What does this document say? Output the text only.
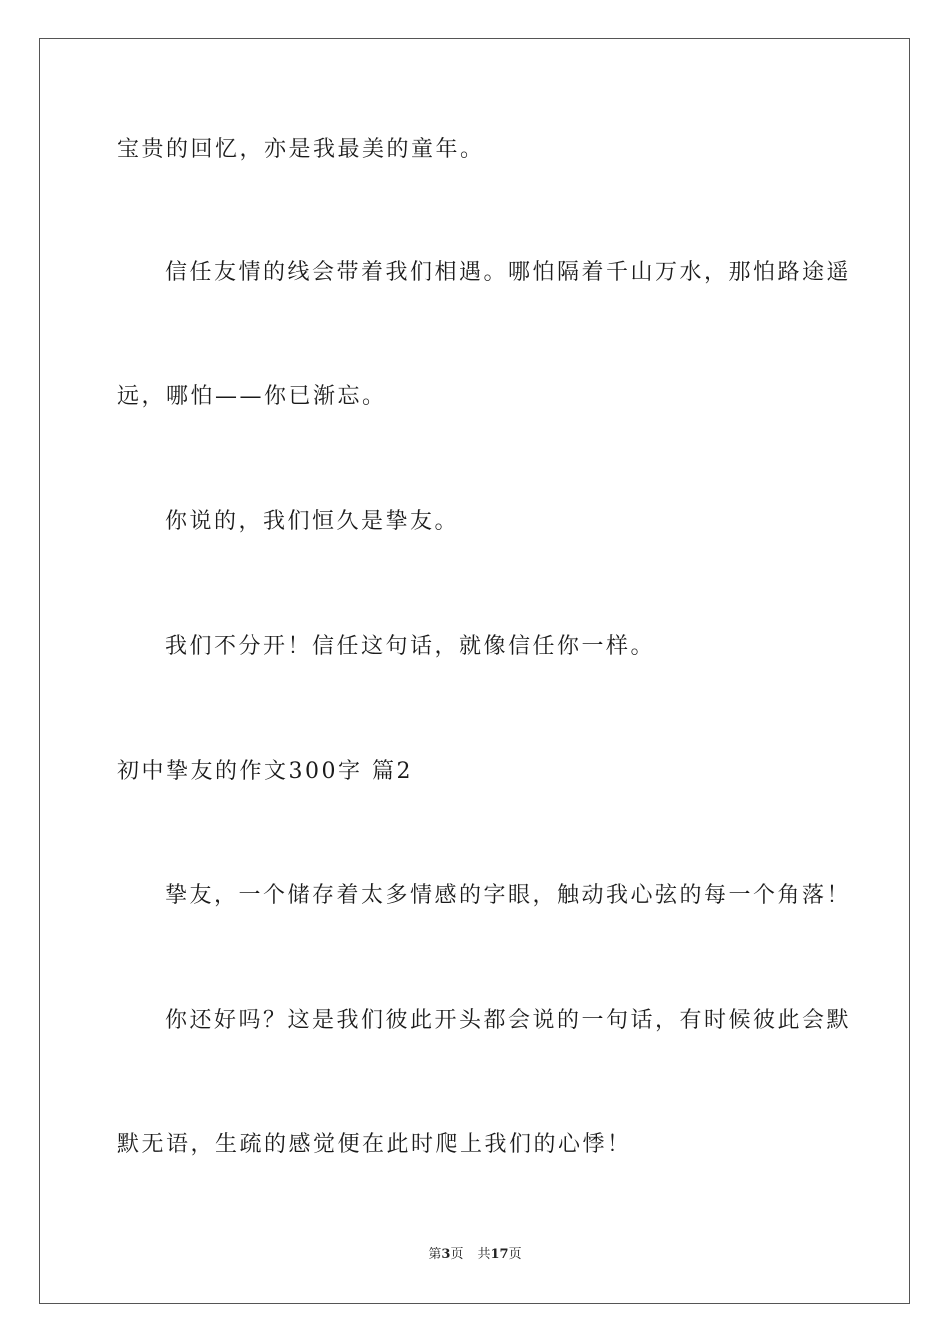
宝贵的回忆，亦是我最美的童年。
信任友情的线会带着我们相遇。哪怕隔着千山万水，那怕路途遥
远，哪怕——你已渐忘。
你说的，我们恒久是挚友。
我们不分开！信任这句话，就像信任你一样。
初中挚友的作文300字 篇2
挚友，一个储存着太多情感的字眼，触动我心弦的每一个角落！
你还好吗？这是我们彼此开头都会说的一句话，有时候彼此会默
默无语，生疏的感觉便在此时爬上我们的心悸！
第3页 共17页
